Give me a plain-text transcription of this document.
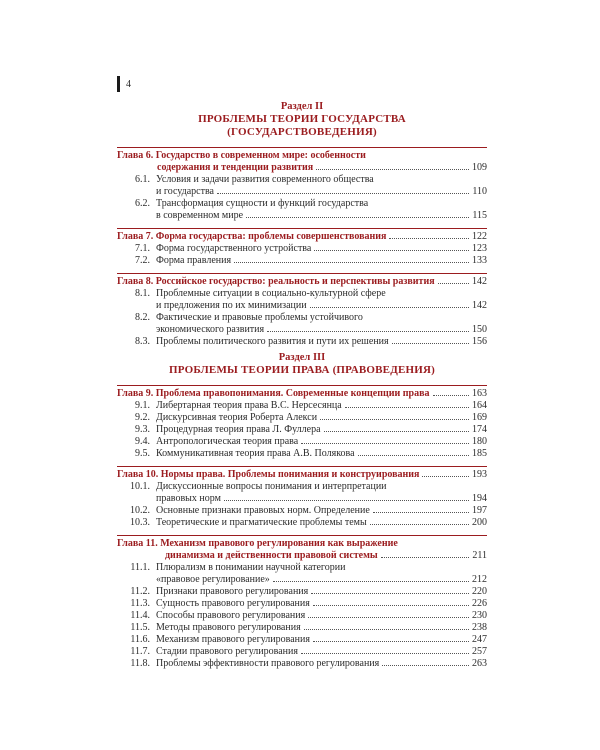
4
Раздел II
ПРОБЛЕМЫ ТЕОРИИ ГОСУДАРСТВА
(ГОСУДАРСТВОВЕДЕНИЯ)
Глава 6. Государство в современном мире: особенности
содержания и тенденции развития	109
6.1. Условия и задачи развития современного общества
и государства	110
6.2. Трансформация сущности и функций государства
в современном мире	115
Глава 7. Форма государства: проблемы совершенствования	122
7.1. Форма государственного устройства	123
7.2. Форма правления	133
Глава 8. Российское государство: реальность и перспективы развития	142
8.1. Проблемные ситуации в социально-культурной сфере
и предложения по их минимизации	142
8.2. Фактические и правовые проблемы устойчивого
экономического развития	150
8.3. Проблемы политического развития и пути их решения	156
Раздел III
ПРОБЛЕМЫ ТЕОРИИ ПРАВА (ПРАВОВЕДЕНИЯ)
Глава 9. Проблема правопонимания. Современные концепции права	163
9.1. Либертарная теория права В.С. Нерсесянца	164
9.2. Дискурсивная теория Роберта Алекси	169
9.3. Процедурная теория права Л. Фуллера	174
9.4. Антропологическая теория права	180
9.5. Коммуникативная теория права А.В. Полякова	185
Глава 10. Нормы права. Проблемы понимания и конструирования	193
10.1. Дискуссионные вопросы понимания и интерпретации
правовых норм	194
10.2. Основные признаки правовых норм. Определение	197
10.3. Теоретические и прагматические проблемы темы	200
Глава 11. Механизм правового регулирования как выражение
динамизма и действенности правовой системы	211
11.1. Плюрализм в понимании научной категории
«правовое регулирование»	212
11.2. Признаки правового регулирования	220
11.3. Сущность правового регулирования	226
11.4. Способы правового регулирования	230
11.5. Методы правового регулирования	238
11.6. Механизм правового регулирования	247
11.7. Стадии правового регулирования	257
11.8. Проблемы эффективности правового регулирования	263
